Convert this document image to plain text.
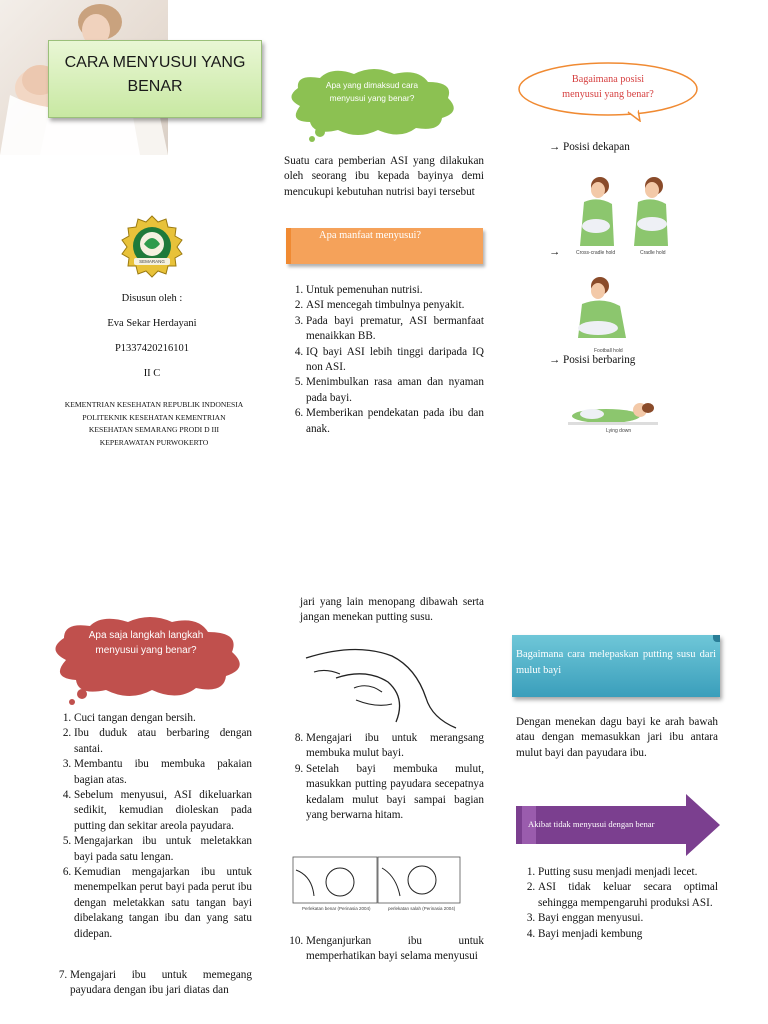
CARA MENYUSUI YANG BENAR
SEMARANG
Disusun oleh :
Eva Sekar Herdayani
P1337420216101
II C
KEMENTRIAN KESEHATAN REPUBLIK INDONESIA POLITEKNIK KESEHATAN KEMENTRIAN KESEHATAN SEMARANG PRODI D III KEPERAWATAN PURWOKERTO
Apa yang dimaksud cara menyusui yang benar?
Suatu cara pemberian ASI yang dilakukan oleh seorang ibu kepada bayinya demi mencukupi kebutuhan nutrisi bayi tersebut
Apa manfaat menyusui?
1. Untuk pemenuhan nutrisi.
2. ASI mencegah timbulnya penyakit.
3. Pada bayi prematur, ASI bermanfaat menaikkan BB.
4. IQ bayi ASI lebih tinggi daripada IQ non ASI.
5. Menimbulkan rasa aman dan nyaman pada bayi.
6. Memberikan pendekatan pada ibu dan anak.
Bagaimana posisi menyusui yang benar?
→ Posisi dekapan
Cross-cradle hold	Cradle hold
→
Football hold
→ Posisi berbaring
Lying down
Apa saja langkah langkah menyusui yang benar?
1. Cuci tangan dengan bersih.
2. Ibu duduk atau berbaring dengan santai.
3. Membantu ibu membuka pakaian bagian atas.
4. Sebelum menyusui, ASI dikeluarkan sedikit, kemudian dioleskan pada putting dan sekitar areola payudara.
5. Mengajarkan ibu untuk meletakkan bayi pada satu lengan.
6. Kemudian mengajarkan ibu untuk menempelkan perut bayi pada perut ibu dengan meletakkan satu tangan bayi dibelakang tangan ibu dan yang satu didepan.
7. Mengajari ibu untuk memegang payudara dengan ibu jari diatas dan
jari yang lain menopang dibawah serta jangan menekan putting susu.
8. Mengajari ibu untuk merangsang membuka mulut bayi.
9. Setelah bayi membuka mulut, masukkan putting payudara secepatnya kedalam mulut bayi sampai bagian yang berwarna hitam.
Perlekatan benar (Perinasia 2004)	perlekatan salah (Perinasia 2004)
10. Menganjurkan ibu untuk memperhatikan bayi selama menyusui
Bagaimana cara melepaskan putting susu dari mulut bayi
Dengan menekan dagu bayi ke arah bawah atau dengan memasukkan jari ibu antara mulut bayi dan payudara ibu.
Akibat tidak menyusui dengan benar
1. Putting susu menjadi menjadi lecet.
2. ASI tidak keluar secara optimal sehingga mempengaruhi produksi ASI.
3. Bayi enggan menyusui.
4. Bayi menjadi kembung
